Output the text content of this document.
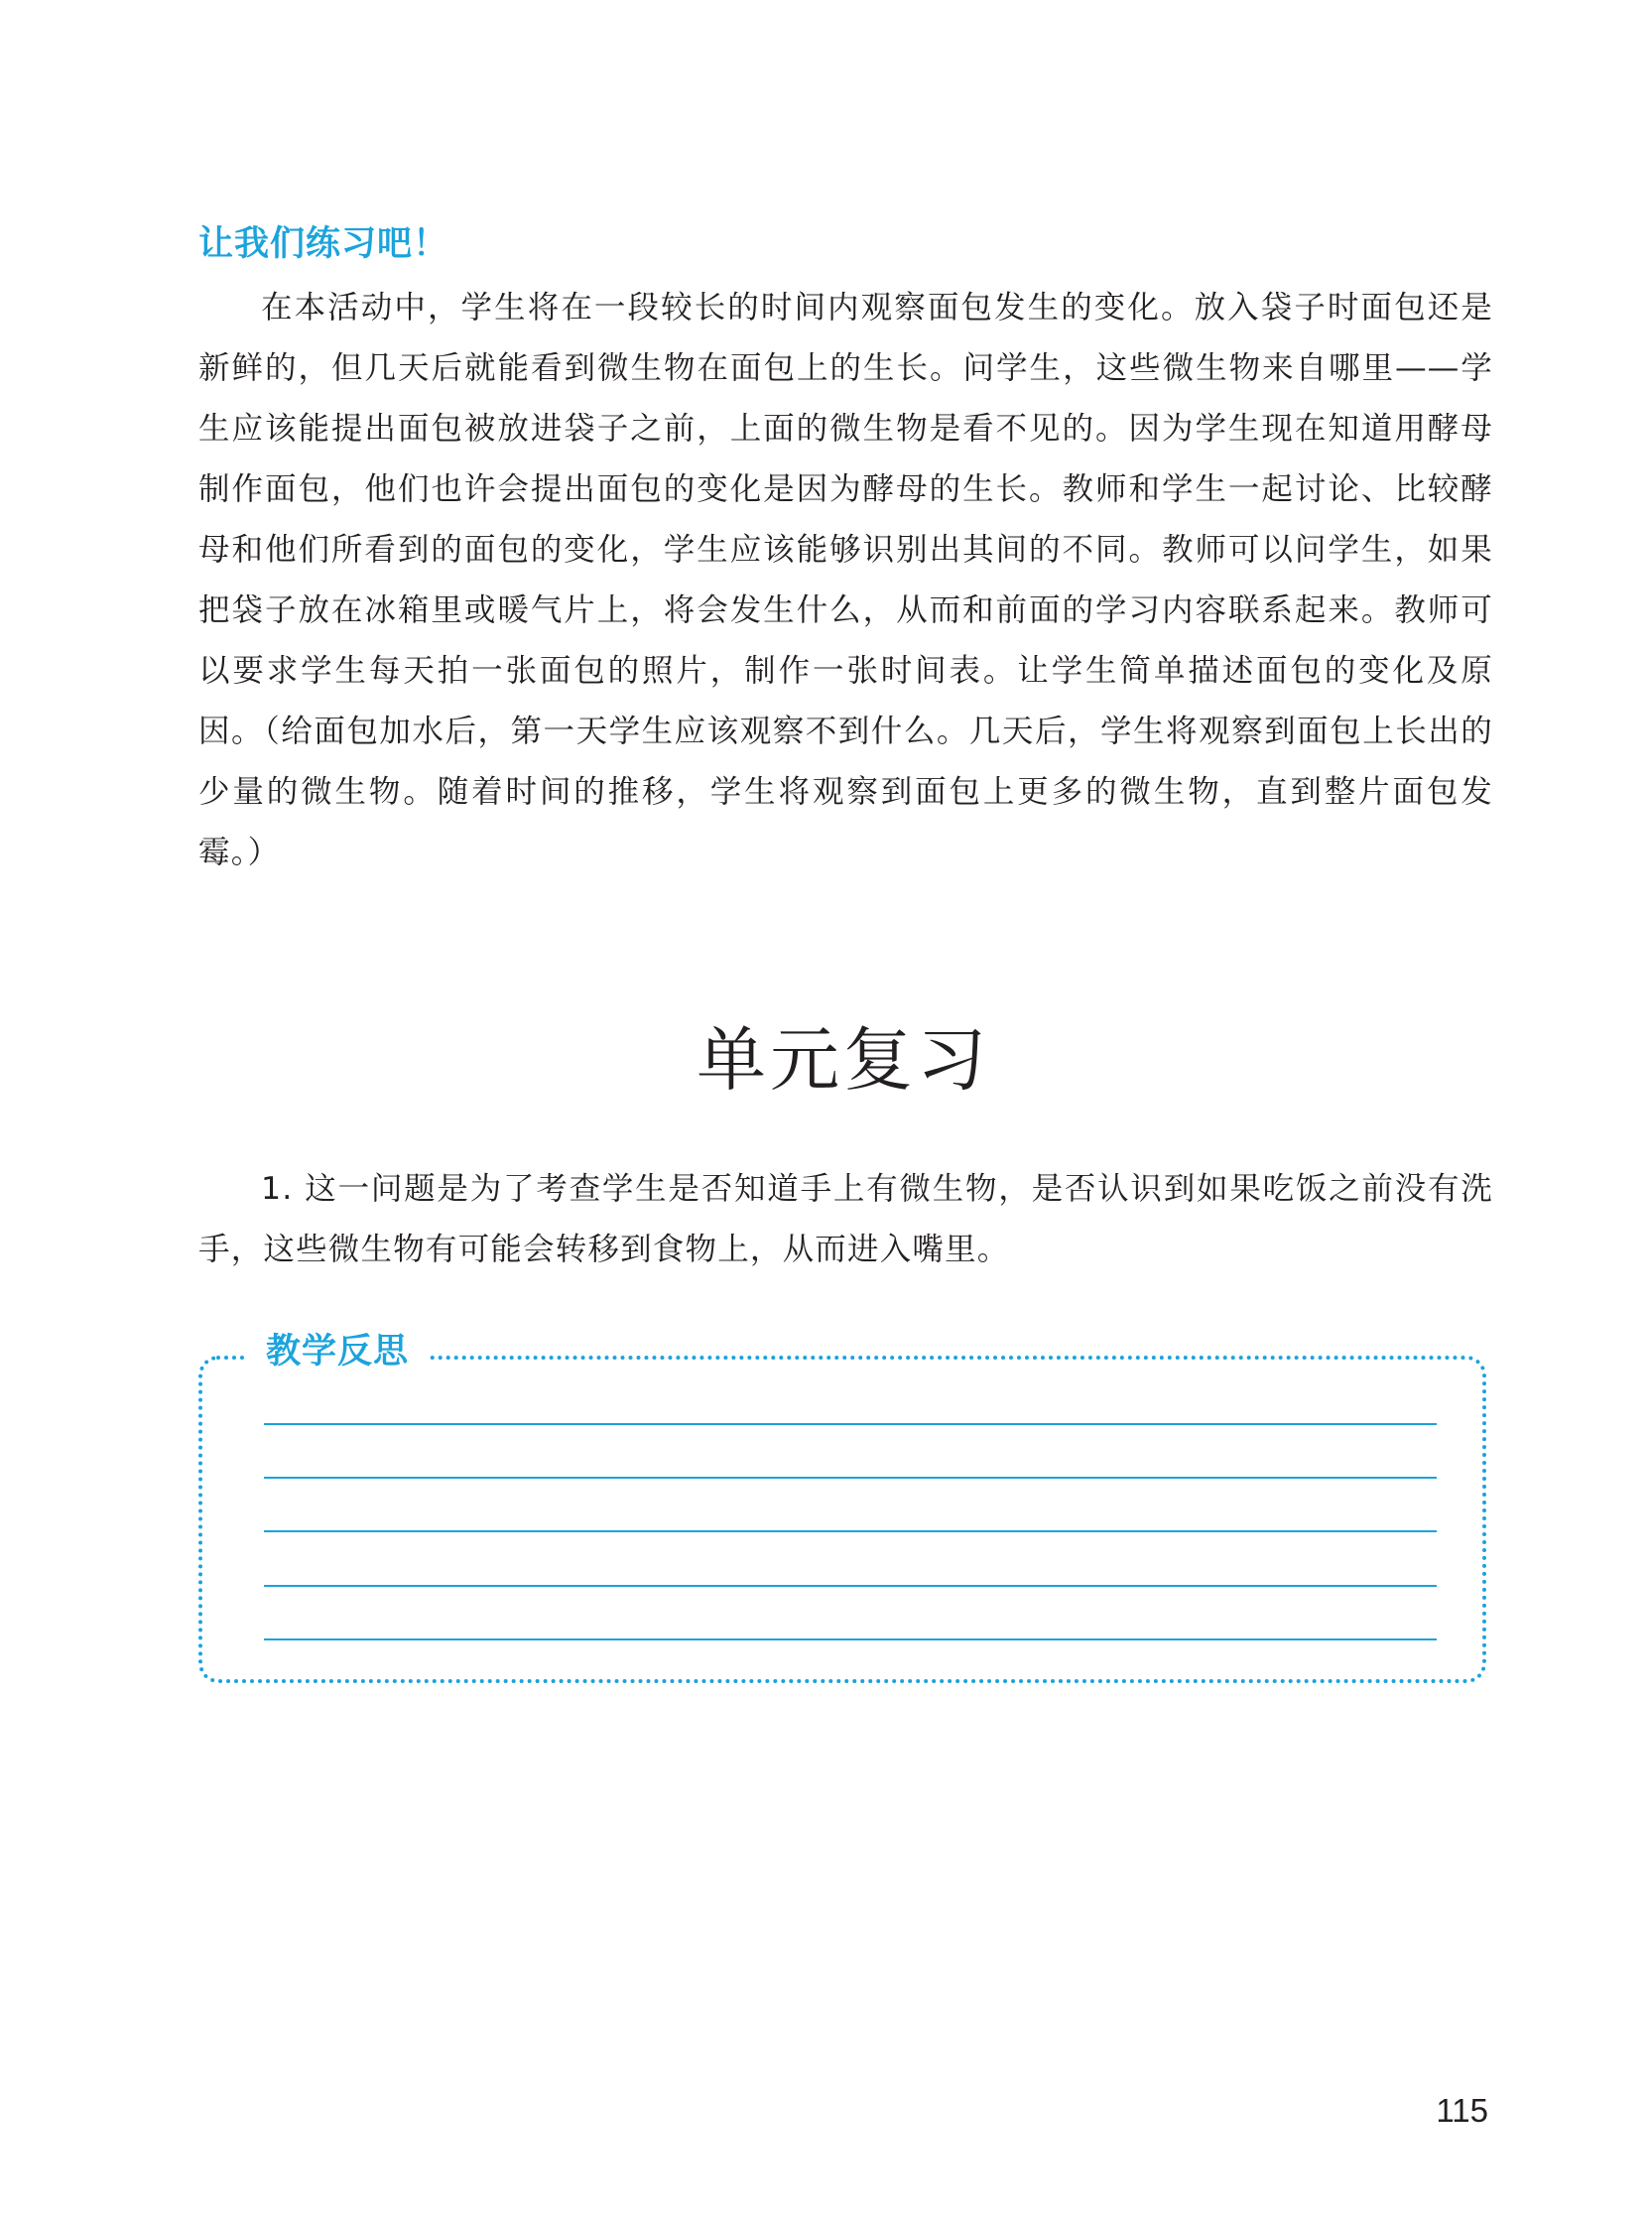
让我们练习吧！

在本活动中，学生将在一段较长的时间内观察面包发生的变化。放入袋子时面包还是新鲜的，但几天后就能看到微生物在面包上的生长。问学生，这些微生物来自哪里——学生应该能提出面包被放进袋子之前，上面的微生物是看不见的。因为学生现在知道用酵母制作面包，他们也许会提出面包的变化是因为酵母的生长。教师和学生一起讨论、比较酵母和他们所看到的面包的变化，学生应该能够识别出其间的不同。教师可以问学生，如果把袋子放在冰箱里或暖气片上，将会发生什么，从而和前面的学习内容联系起来。教师可以要求学生每天拍一张面包的照片，制作一张时间表。让学生简单描述面包的变化及原因。（给面包加水后，第一天学生应该观察不到什么。几天后，学生将观察到面包上长出的少量的微生物。随着时间的推移，学生将观察到面包上更多的微生物，直到整片面包发霉。）

单元复习

1. 这一问题是为了考查学生是否知道手上有微生物，是否认识到如果吃饭之前没有洗手，这些微生物有可能会转移到食物上，从而进入嘴里。

教学反思
115
